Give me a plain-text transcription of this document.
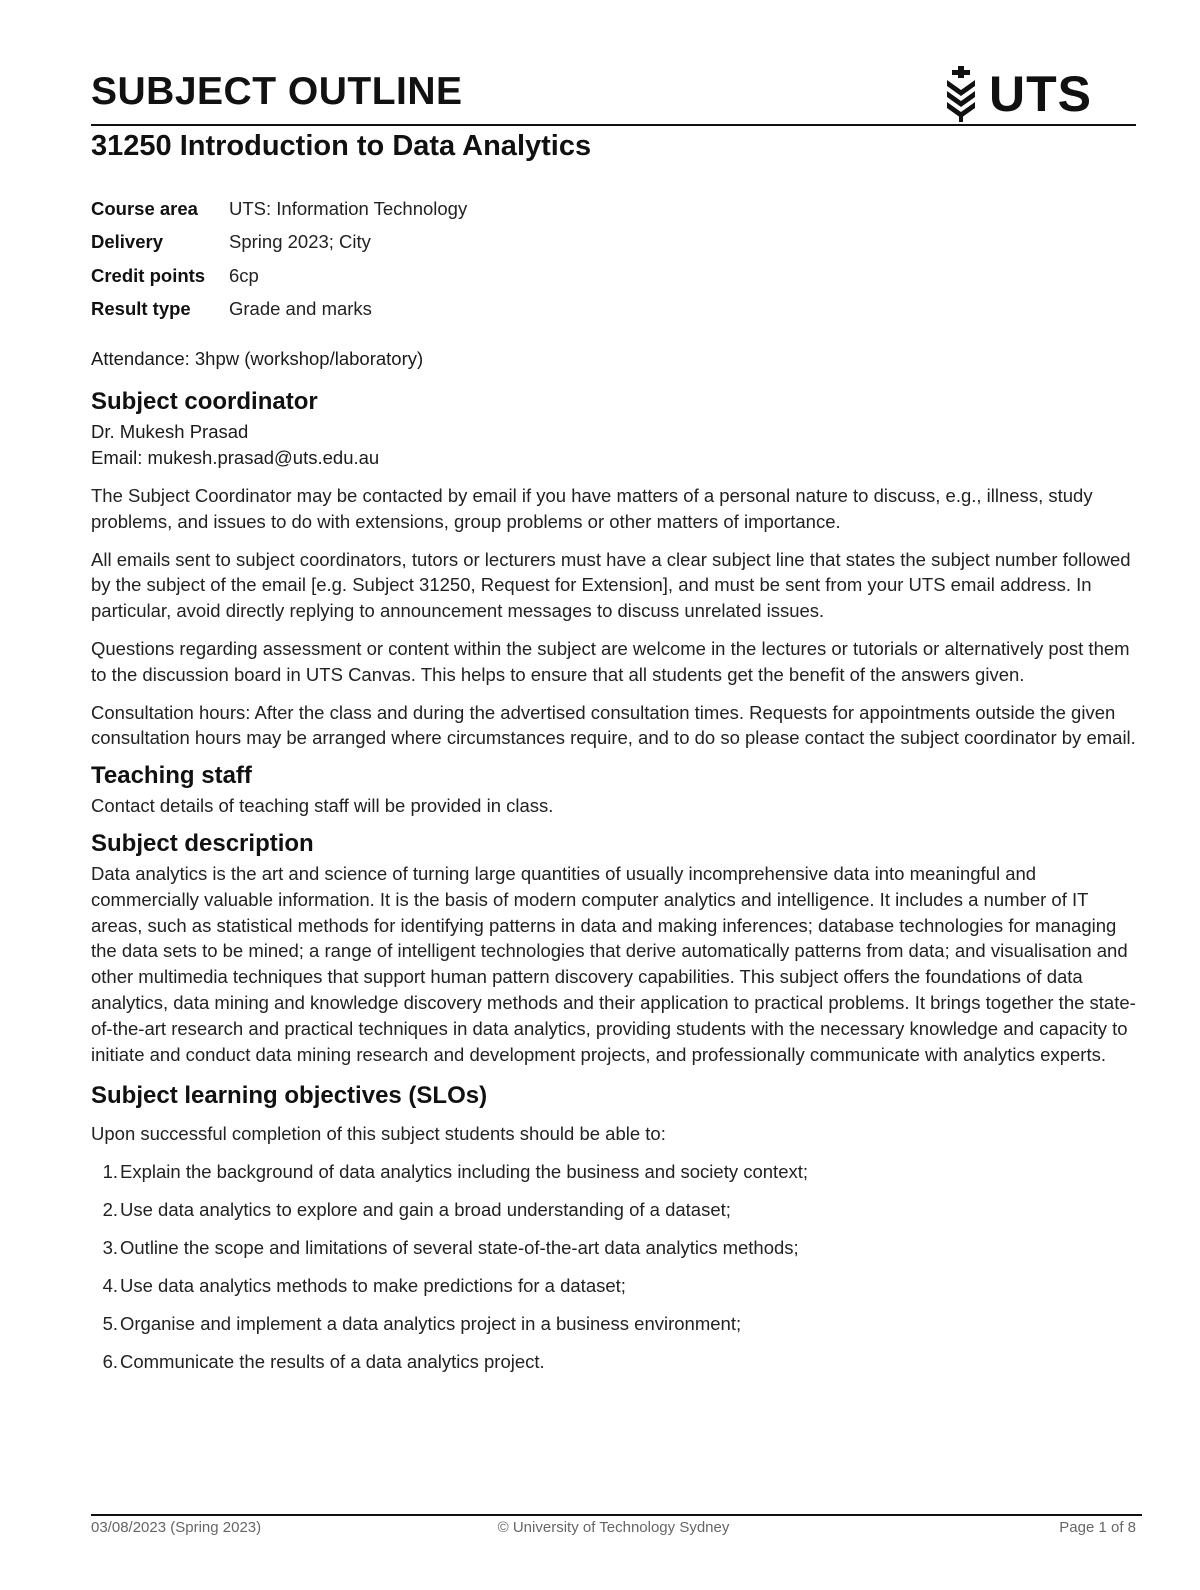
SUBJECT OUTLINE	UTS
31250 Introduction to Data Analytics
Course area	UTS: Information Technology
Delivery	Spring 2023; City
Credit points	6cp
Result type	Grade and marks

Attendance: 3hpw (workshop/laboratory)

Subject coordinator

Dr. Mukesh Prasad

Email: mukesh.prasad@uts.edu.au

The Subject Coordinator may be contacted by email if you have matters of a personal nature to discuss, e.g., illness, study problems, and issues to do with extensions, group problems or other matters of importance.

All emails sent to subject coordinators, tutors or lecturers must have a clear subject line that states the subject number followed by the subject of the email [e.g. Subject 31250, Request for Extension], and must be sent from your UTS email address. In particular, avoid directly replying to announcement messages to discuss unrelated issues.

Questions regarding assessment or content within the subject are welcome in the lectures or tutorials or alternatively post them to the discussion board in UTS Canvas. This helps to ensure that all students get the benefit of the answers given.

Consultation hours: After the class and during the advertised consultation times. Requests for appointments outside the given consultation hours may be arranged where circumstances require, and to do so please contact the subject coordinator by email.

Teaching staff

Contact details of teaching staff will be provided in class.

Subject description

Data analytics is the art and science of turning large quantities of usually incomprehensive data into meaningful and commercially valuable information. It is the basis of modern computer analytics and intelligence. It includes a number of IT areas, such as statistical methods for identifying patterns in data and making inferences; database technologies for managing the data sets to be mined; a range of intelligent technologies that derive automatically patterns from data; and visualisation and other multimedia techniques that support human pattern discovery capabilities. This subject offers the foundations of data analytics, data mining and knowledge discovery methods and their application to practical problems. It brings together the state-of-the-art research and practical techniques in data analytics, providing students with the necessary knowledge and capacity to initiate and conduct data mining research and development projects, and professionally communicate with analytics experts.

Subject learning objectives (SLOs)

Upon successful completion of this subject students should be able to:

1. Explain the background of data analytics including the business and society context;
2. Use data analytics to explore and gain a broad understanding of a dataset;
3. Outline the scope and limitations of several state-of-the-art data analytics methods;
4. Use data analytics methods to make predictions for a dataset;
5. Organise and implement a data analytics project in a business environment;
6. Communicate the results of a data analytics project.
03/08/2023 (Spring 2023)	© University of Technology Sydney	Page 1 of 8
